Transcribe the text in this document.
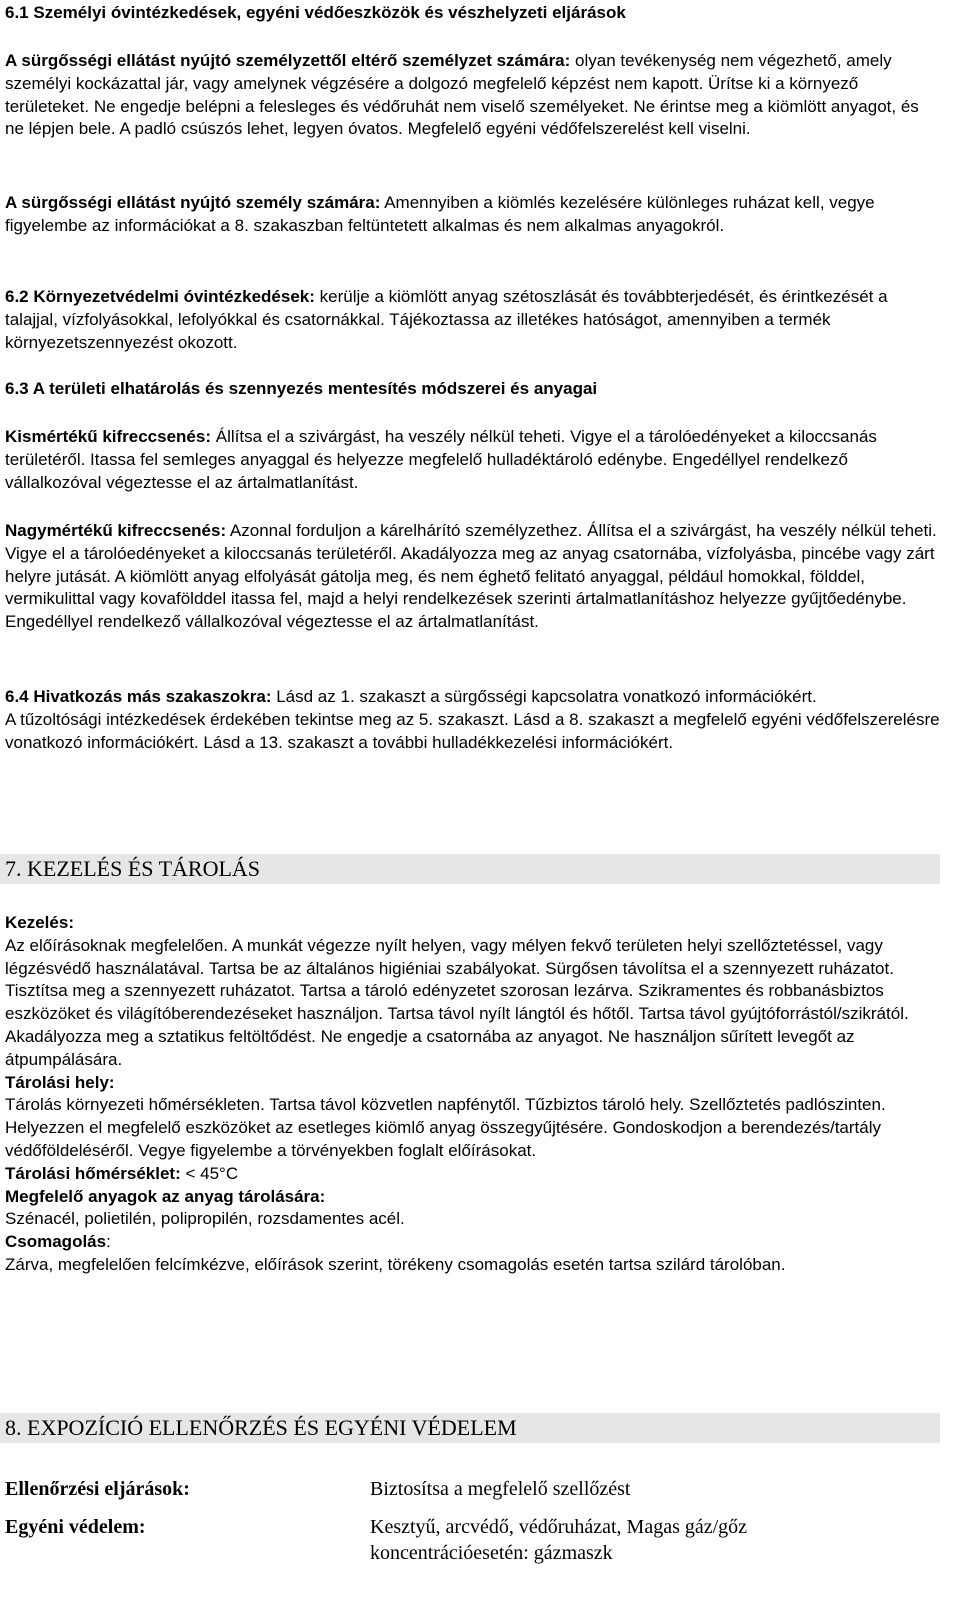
6.1 Személyi óvintézkedések, egyéni védőeszközök és vészhelyzeti eljárások

A sürgősségi ellátást nyújtó személyzettől eltérő személyzet számára: olyan tevékenység nem végezhető, amely személyi kockázattal jár, vagy amelynek végzésére a dolgozó megfelelő képzést nem kapott. Ürítse ki a környező területeket. Ne engedje belépni a felesleges és védőruhát nem viselő személyeket. Ne érintse meg a kiömlött anyagot, és ne lépjen bele. A padló csúszós lehet, legyen óvatos. Megfelelő egyéni védőfelszerelést kell viselni.

A sürgősségi ellátást nyújtó személy számára: Amennyiben a kiömlés kezelésére különleges ruházat kell, vegye figyelembe az információkat a 8. szakaszban feltüntetett alkalmas és nem alkalmas anyagokról.

6.2 Környezetvédelmi óvintézkedések: kerülje a kiömlött anyag szétoszlását és továbbterjedését, és érintkezését a talajjal, vízfolyásokkal, lefolyókkal és csatornákkal. Tájékoztassa az illetékes hatóságot, amennyiben a termék környezetszennyezést okozott.

6.3 A területi elhatárolás és szennyezés mentesítés módszerei és anyagai

Kismértékű kifreccsenés: Állítsa el a szivárgást, ha veszély nélkül teheti. Vigye el a tárolóedényeket a kiloccsanás területéről. Itassa fel semleges anyaggal és helyezze megfelelő hulladéktároló edénybe. Engedéllyel rendelkező vállalkozóval végeztesse el az ártalmatlanítást.

Nagymértékű kifreccsenés: Azonnal forduljon a kárelhárító személyzethez. Állítsa el a szivárgást, ha veszély nélkül teheti. Vigye el a tárolóedényeket a kiloccsanás területéről. Akadályozza meg az anyag csatornába, vízfolyásba, pincébe vagy zárt helyre jutását. A kiömlött anyag elfolyását gátolja meg, és nem éghető felitató anyaggal, például homokkal, földdel, vermikulittal vagy kovafölddel itassa fel, majd a helyi rendelkezések szerinti ártalmatlanításhoz helyezze gyűjtőedénybe. Engedéllyel rendelkező vállalkozóval végeztesse el az ártalmatlanítást.

6.4 Hivatkozás más szakaszokra: Lásd az 1. szakaszt a sürgősségi kapcsolatra vonatkozó információkért.
A tűzoltósági intézkedések érdekében tekintse meg az 5. szakaszt. Lásd a 8. szakaszt a megfelelő egyéni védőfelszerelésre vonatkozó információkért. Lásd a 13. szakaszt a további hulladékkezelési információkért.

7. KEZELÉS ÉS TÁROLÁS
Kezelés:
Az előírásoknak megfelelően. A munkát végezze nyílt helyen, vagy mélyen fekvő területen helyi szellőztetéssel, vagy légzésvédő használatával. Tartsa be az általános higiéniai szabályokat. Sürgősen távolítsa el a szennyezett ruházatot. Tisztítsa meg a szennyezett ruházatot. Tartsa a tároló edényzetet szorosan lezárva. Szikramentes és robbanásbiztos eszközöket és világítóberendezéseket használjon. Tartsa távol nyílt lángtól és hőtől. Tartsa távol gyújtóforrástól/szikrától. Akadályozza meg a sztatikus feltöltődést. Ne engedje a csatornába az anyagot. Ne használjon sűrített levegőt az átpumpálására.
Tárolási hely:
Tárolás környezeti hőmérsékleten. Tartsa távol közvetlen napfénytől. Tűzbiztos tároló hely. Szellőztetés padlószinten. Helyezzen el megfelelő eszközöket az esetleges kiömlő anyag összegyűjtésére. Gondoskodjon a berendezés/tartály védőföldeléséről. Vegye figyelembe a törvényekben foglalt előírásokat.
Tárolási hőmérséklet: < 45°C
Megfelelő anyagok az anyag tárolására:
Szénacél, polietilén, polipropilén, rozsdamentes acél.
Csomagolás:
Zárva, megfelelően felcímkézve, előírások szerint, törékeny csomagolás esetén tartsa szilárd tárolóban.
8. EXPOZÍCIÓ ELLENŐRZÉS ÉS EGYÉNI VÉDELEM
Ellenőrzési eljárások:	Biztosítsa a megfelelő szellőzést
Egyéni védelem:	Kesztyű, arcvédő, védőruházat, Magas gáz/gőz koncentrációesetén: gázmaszk
